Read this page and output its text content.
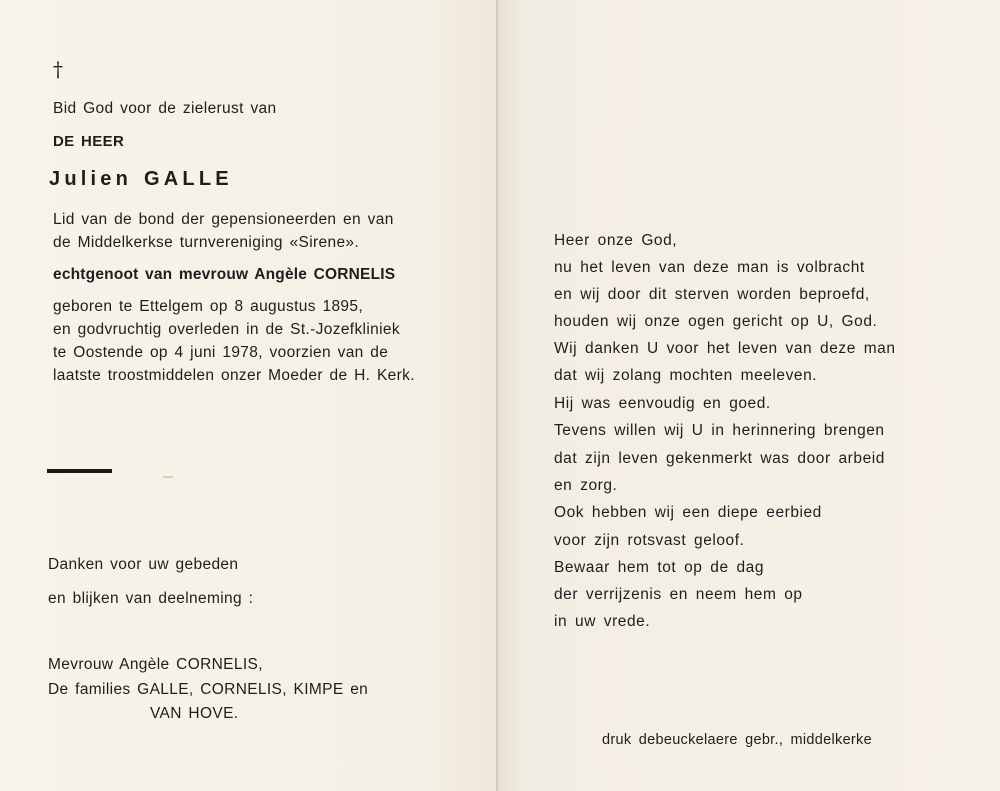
†
Bid God voor de zielerust van
DE HEER
Julien GALLE
Lid van de bond der gepensioneerden en van
de Middelkerkse turnvereniging «Sirene».
echtgenoot van mevrouw Angèle CORNELIS
geboren te Ettelgem op 8 augustus 1895,
en godvruchtig overleden in de St.-Jozefkliniek
te Oostende op 4 juni 1978, voorzien van de
laatste troostmiddelen onzer Moeder de H. Kerk.
Danken voor uw gebeden
en blijken van deelneming :
Mevrouw Angèle CORNELIS,
De families GALLE, CORNELIS, KIMPE en
VAN HOVE.
Heer onze God,
nu het leven van deze man is volbracht
en wij door dit sterven worden beproefd,
houden wij onze ogen gericht op U, God.
Wij danken U voor het leven van deze man
dat wij zolang mochten meeleven.
Hij was eenvoudig en goed.
Tevens willen wij U in herinnering brengen
dat zijn leven gekenmerkt was door arbeid
en zorg.
Ook hebben wij een diepe eerbied
voor zijn rotsvast geloof.
Bewaar hem tot op de dag
der verrijzenis en neem hem op
in uw vrede.
druk debeuckelaere gebr., middelkerke
